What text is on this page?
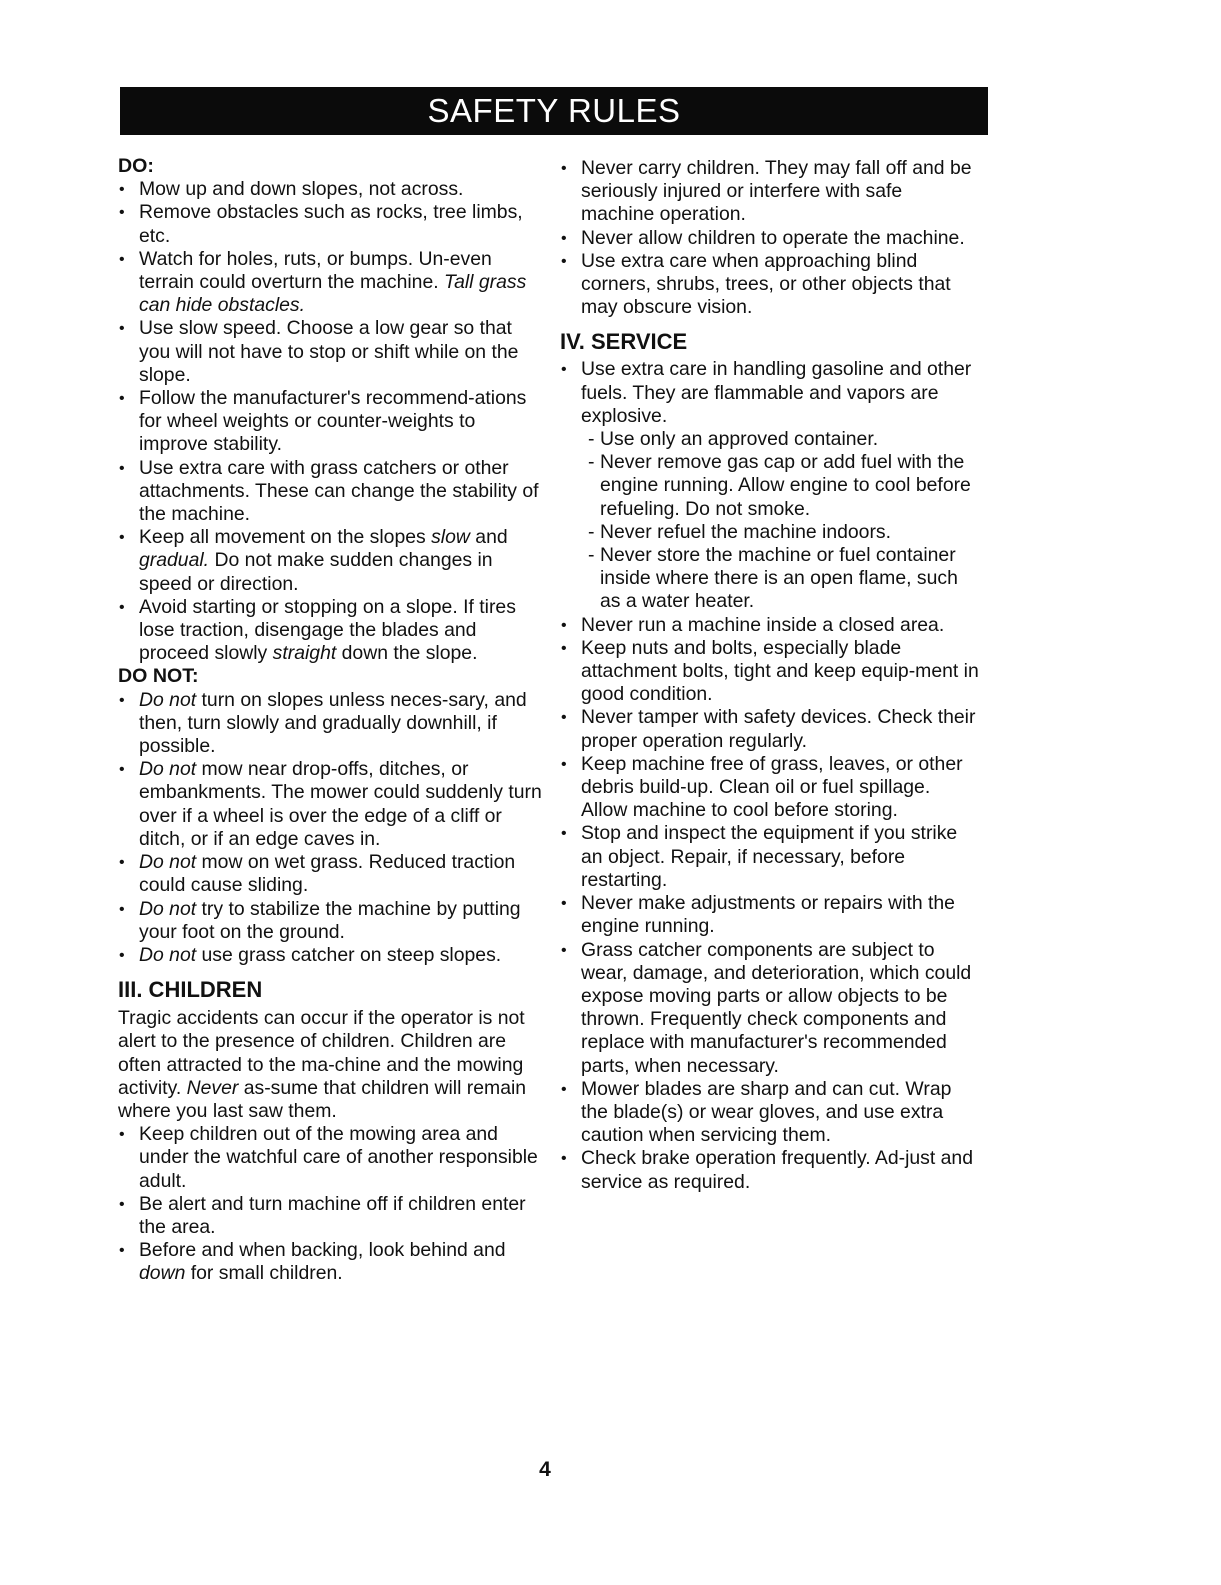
SAFETY RULES
DO:
• Mow up and down slopes, not across.
• Remove obstacles such as rocks, tree limbs, etc.
• Watch for holes, ruts, or bumps. Un-even terrain could overturn the machine. Tall grass can hide obstacles.
• Use slow speed. Choose a low gear so that you will not have to stop or shift while on the slope.
• Follow the manufacturer's recommend-ations for wheel weights or counter-weights to improve stability.
• Use extra care with grass catchers or other attachments. These can change the stability of the machine.
• Keep all movement on the slopes slow and gradual. Do not make sudden changes in speed or direction.
• Avoid starting or stopping on a slope. If tires lose traction, disengage the blades and proceed slowly straight down the slope.
DO NOT:
• Do not turn on slopes unless neces-sary, and then, turn slowly and gradually downhill, if possible.
• Do not mow near drop-offs, ditches, or embankments. The mower could suddenly turn over if a wheel is over the edge of a cliff or ditch, or if an edge caves in.
• Do not mow on wet grass. Reduced traction could cause sliding.
• Do not try to stabilize the machine by putting your foot on the ground.
• Do not use grass catcher on steep slopes.
III. CHILDREN

Tragic accidents can occur if the operator is not alert to the presence of children. Children are often attracted to the ma-chine and the mowing activity. Never as-sume that children will remain where you last saw them.

• Keep children out of the mowing area and under the watchful care of another responsible adult.
• Be alert and turn machine off if children enter the area.
• Before and when backing, look behind and down for small children.
• Never carry children. They may fall off and be seriously injured or interfere with safe machine operation.
• Never allow children to operate the machine.
• Use extra care when approaching blind corners, shrubs, trees, or other objects that may obscure vision.
IV. SERVICE
• Use extra care in handling gasoline and other fuels. They are flammable and vapors are explosive.
- Use only an approved container.
- Never remove gas cap or add fuel with the engine running. Allow engine to cool before refueling. Do not smoke.
- Never refuel the machine indoors.
- Never store the machine or fuel container inside where there is an open flame, such as a water heater.
• Never run a machine inside a closed area.
• Keep nuts and bolts, especially blade attachment bolts, tight and keep equip-ment in good condition.
• Never tamper with safety devices. Check their proper operation regularly.
• Keep machine free of grass, leaves, or other debris build-up. Clean oil or fuel spillage. Allow machine to cool before storing.
• Stop and inspect the equipment if you strike an object. Repair, if necessary, before restarting.
• Never make adjustments or repairs with the engine running.
• Grass catcher components are subject to wear, damage, and deterioration, which could expose moving parts or allow objects to be thrown. Frequently check components and replace with manufacturer's recommended parts, when necessary.
• Mower blades are sharp and can cut. Wrap the blade(s) or wear gloves, and use extra caution when servicing them.
• Check brake operation frequently. Ad-just and service as required.
4
